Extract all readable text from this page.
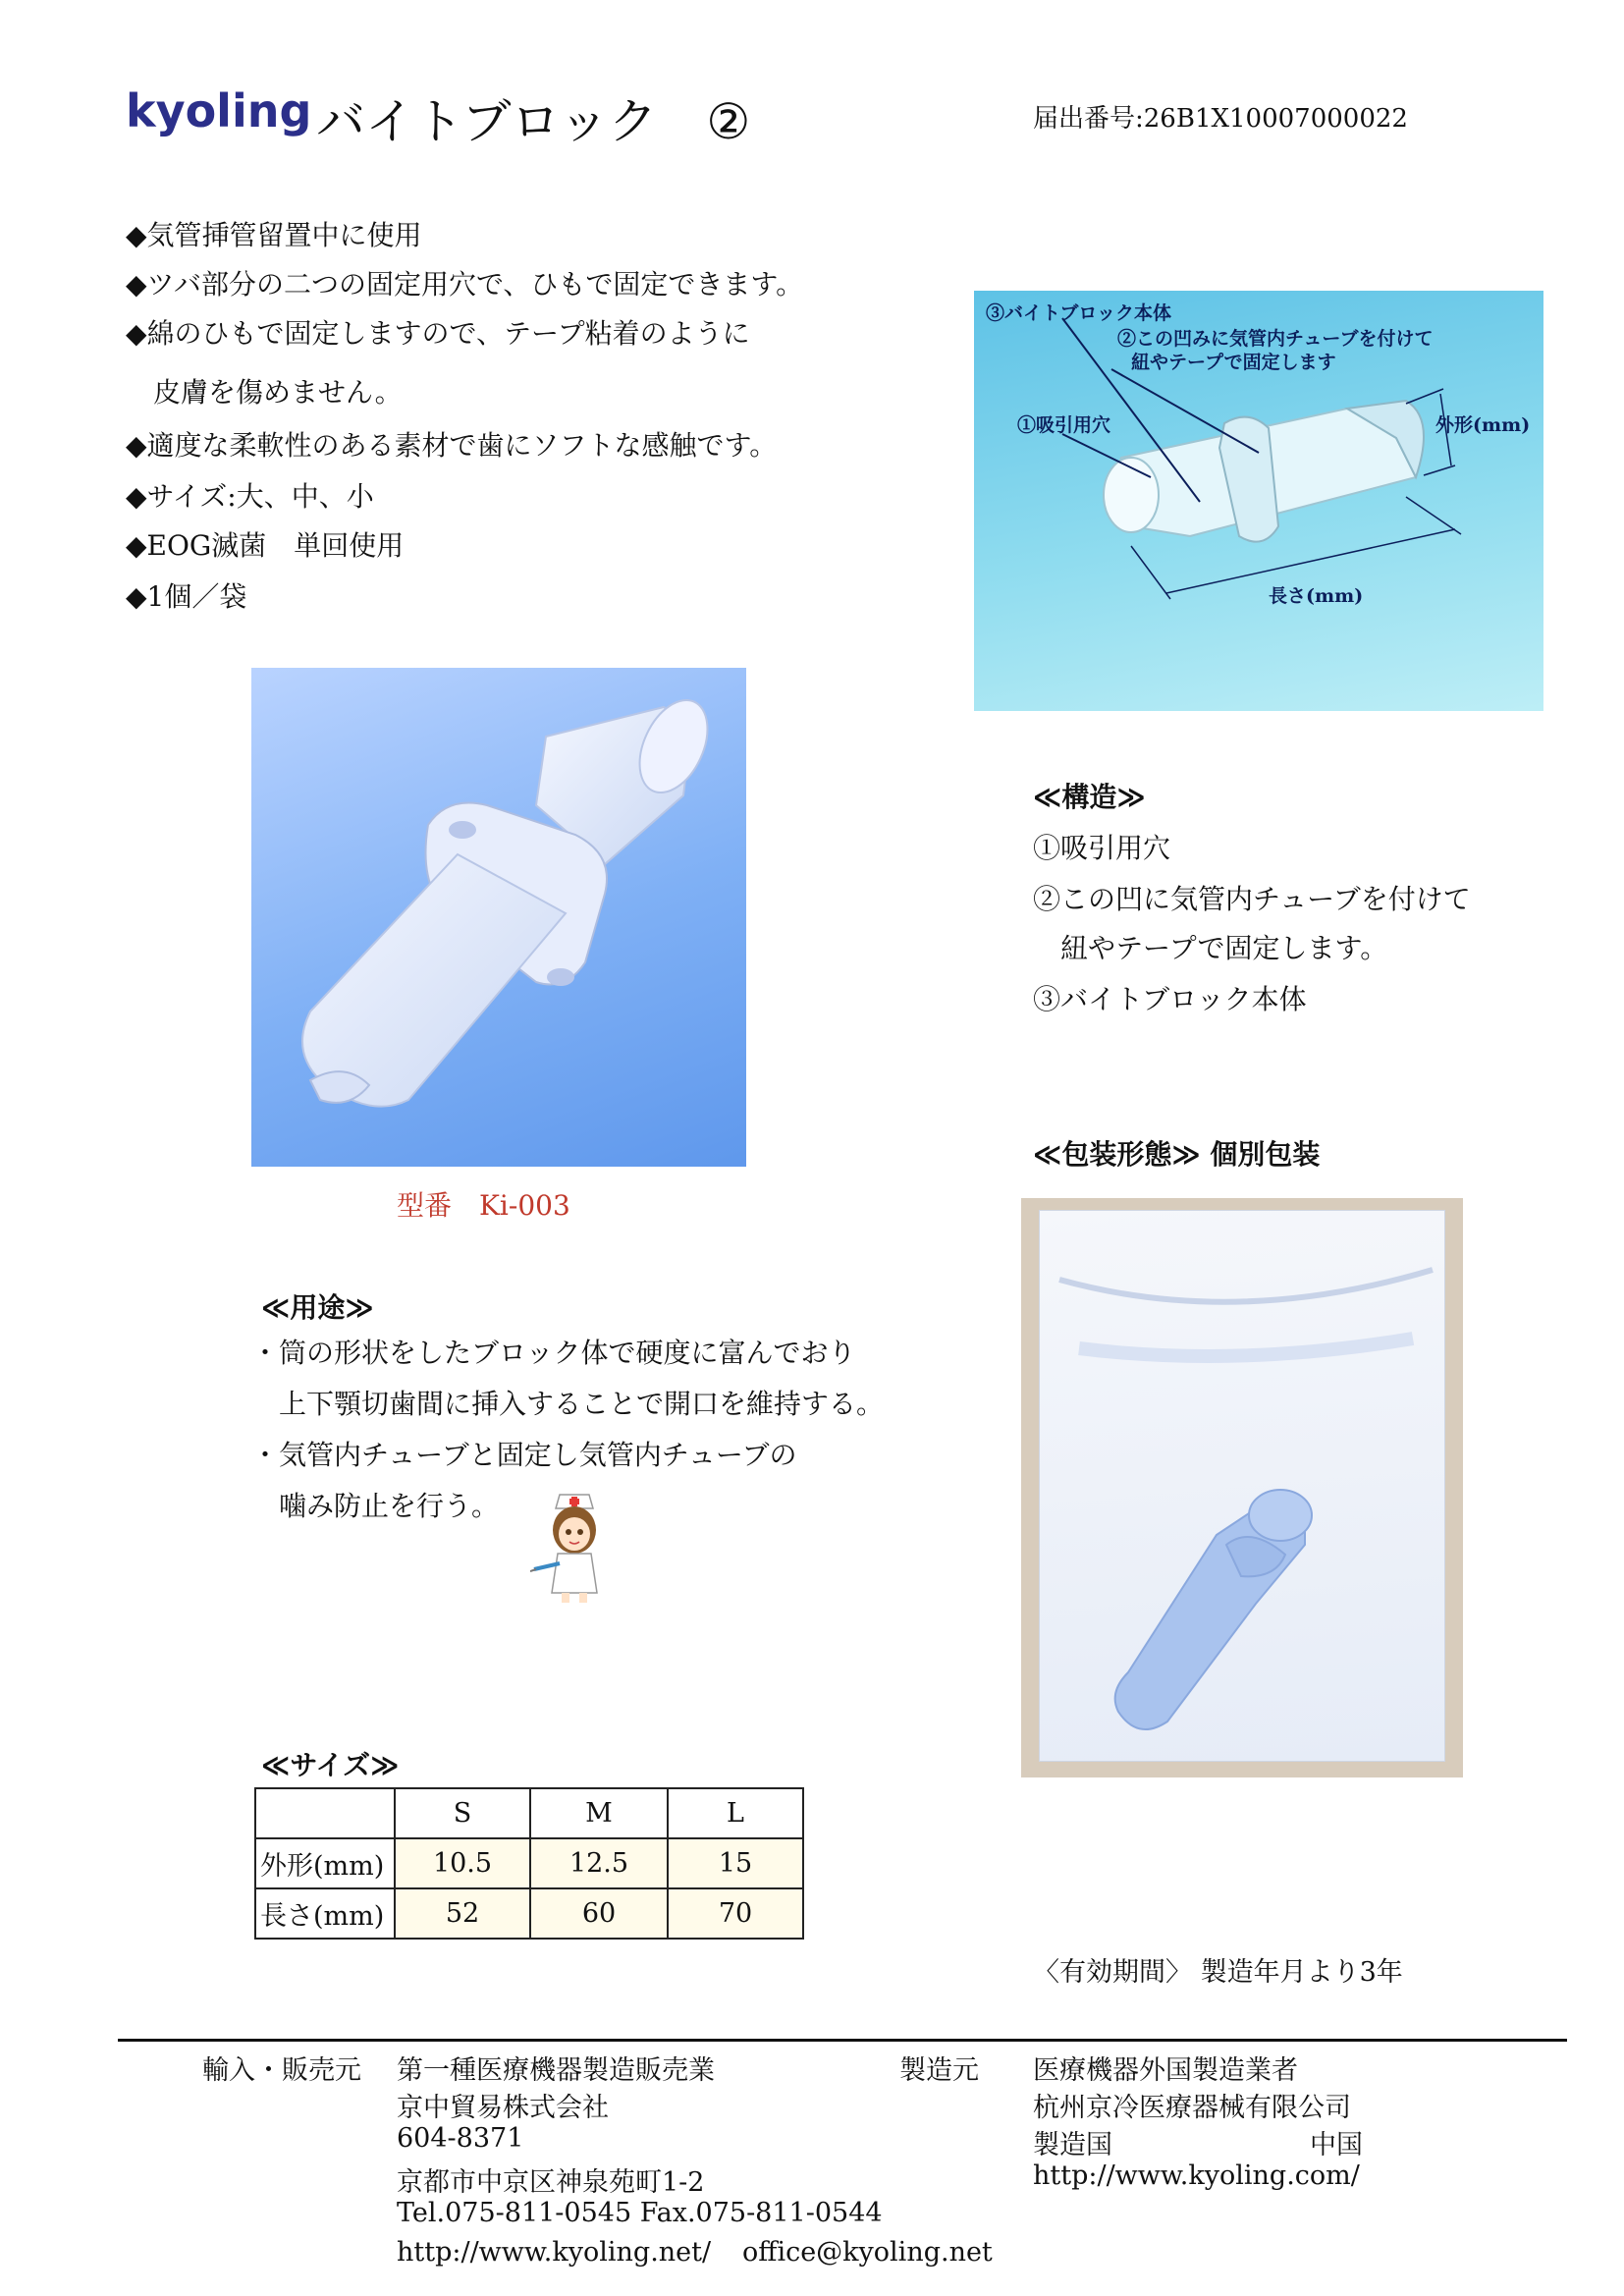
kyoling バイトブロック　②	届出番号:26B1X10007000022
◆気管挿管留置中に使用
◆ツバ部分の二つの固定用穴で、ひもで固定できます。
◆綿のひもで固定しますので、テープ粘着のように
　皮膚を傷めません。
◆適度な柔軟性のある素材で歯にソフトな感触です。
◆サイズ:大、中、小
◆EOG滅菌　単回使用
◆1個／袋
型番　Ki-003
③バイトブロック本体
②この凹みに気管内チューブを付けて
紐やテープで固定します
①吸引用穴	外形(mm)
長さ(mm)
≪構造≫
①吸引用穴
②この凹に気管内チューブを付けて
　紐やテープで固定します。
③バイトブロック本体
≪包装形態≫ 個別包装
≪用途≫
・筒の形状をしたブロック体で硬度に富んでおり
　上下顎切歯間に挿入することで開口を維持する。
・気管内チューブと固定し気管内チューブの
　噛み防止を行う。
≪サイズ≫
	S	M	L
外形(mm)	10.5	12.5	15
長さ(mm)	52	60	70
〈有効期間〉 製造年月より3年
輸入・販売元 第一種医療機器製造販売業
京中貿易株式会社
604-8371
京都市中京区神泉苑町1-2
Tel.075-811-0545 Fax.075-811-0544
http://www.kyoling.net/ office@kyoling.net
製造元 医療機器外国製造業者
杭州京冷医療器械有限公司
製造国	中国
http://www.kyoling.com/
